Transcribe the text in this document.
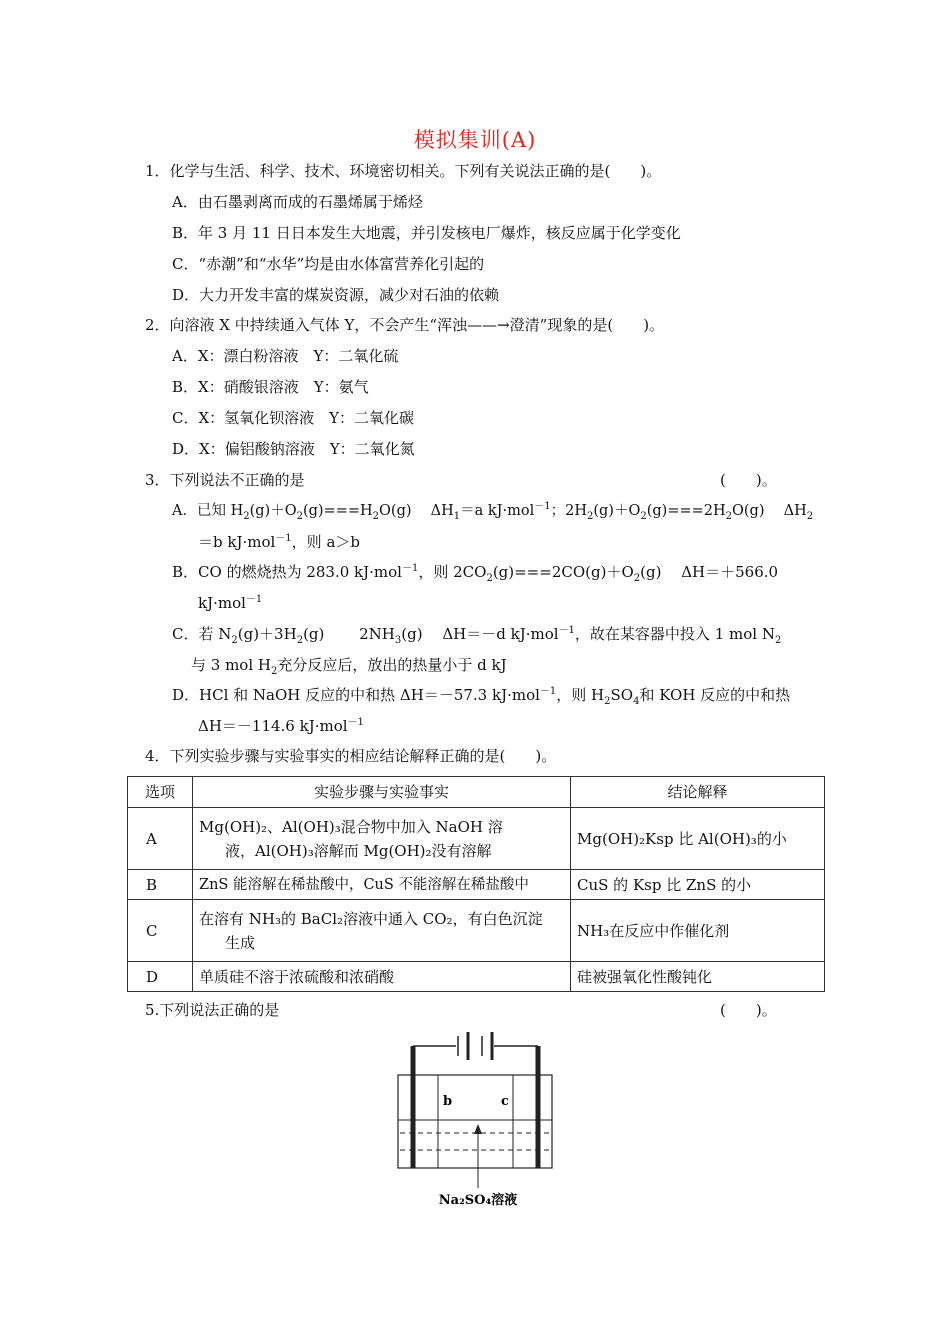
模拟集训(A)
1．化学与生活、科学、技术、环境密切相关。下列有关说法正确的是(　　)。
A．由石墨剥离而成的石墨烯属于烯烃
B．年 3 月 11 日日本发生大地震，并引发核电厂爆炸，核反应属于化学变化
C．“赤潮”和“水华”均是由水体富营养化引起的
D．大力开发丰富的煤炭资源，减少对石油的依赖
2．向溶液 X 中持续通入气体 Y，不会产生“浑浊——→澄清”现象的是(　　)。
A．X：漂白粉溶液　Y：二氧化硫
B．X：硝酸银溶液　Y：氨气
C．X：氢氧化钡溶液　Y：二氧化碳
D．X：偏铝酸钠溶液　Y：二氧化氮
3．下列说法不正确的是	(　　)。
A．已知 $H_2(g)+O_2(g)===H_2O(g)$　 $\Delta H_1=a$ kJ·mol$^{-1}$；$2H_2(g)+O_2(g)===2H_2O(g)$　 $\Delta H_2$
＝b kJ·mol$^{-1}$，则 a＞b
B．CO 的燃烧热为 283.0 kJ·mol$^{-1}$，则 $2CO_2(g)===2CO(g)+O_2(g)$　 ΔH＝＋566.0
kJ·mol$^{-1}$
C．若 $N_2(g)+3H_2(g)$　　 $2NH_3(g)$　 ΔH＝－d kJ·mol$^{-1}$，故在某容器中投入 1 mol $N_2$
与 3 mol $H_2$充分反应后，放出的热量小于 d kJ
D．HCl 和 NaOH 反应的中和热 ΔH＝－57.3 kJ·mol$^{-1}$，则 $H_2SO_4$和 KOH 反应的中和热
ΔH＝－114.6 kJ·mol$^{-1}$
4．下列实验步骤与实验事实的相应结论解释正确的是(　　)。
选项	实验步骤与实验事实	结论解释
A	Mg(OH)₂、Al(OH)₃混合物中加入 NaOH 溶
液，Al(OH)₃溶解而 Mg(OH)₂没有溶解	Mg(OH)₂Ksp 比 Al(OH)₃的小
B	ZnS 能溶解在稀盐酸中，CuS 不能溶解在稀盐酸中	CuS 的 Ksp 比 ZnS 的小
C	在溶有 NH₃的 BaCl₂溶液中通入 CO₂，有白色沉淀
生成	NH₃在反应中作催化剂
D	单质硅不溶于浓硫酸和浓硝酸	硅被强氧化性酸钝化
5.下列说法正确的是	(　　)。
b	c
Na₂SO₄溶液
